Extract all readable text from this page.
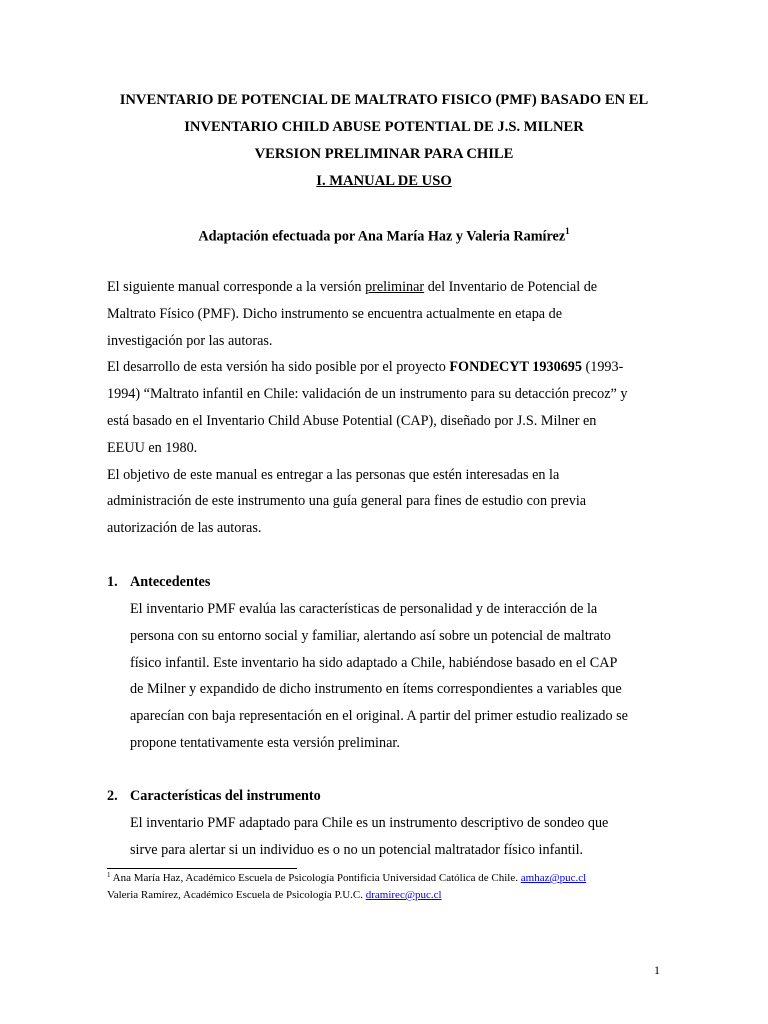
INVENTARIO DE POTENCIAL DE MALTRATO FISICO (PMF) BASADO EN EL
INVENTARIO CHILD ABUSE POTENTIAL DE J.S. MILNER
VERSION PRELIMINAR PARA CHILE
I. MANUAL DE USO
Adaptación efectuada por Ana María Haz y Valeria Ramírez$^1$
El siguiente manual corresponde a la versión preliminar del Inventario de Potencial de
Maltrato Físico (PMF). Dicho instrumento se encuentra actualmente en etapa de
investigación por las autoras.
El desarrollo de esta versión ha sido posible por el proyecto FONDECYT 1930695 (1993-
1994) “Maltrato infantil en Chile: validación de un instrumento para su detacción precoz” y
está basado en el Inventario Child Abuse Potential (CAP), diseñado por J.S. Milner en
EEUU en 1980.
El objetivo de este manual es entregar a las personas que estén interesadas en la
administración de este instrumento una guía general para fines de estudio con previa
autorización de las autoras.
1. Antecedentes
El inventario PMF evalúa las características de personalidad y de interacción de la
persona con su entorno social y familiar, alertando así sobre un potencial de maltrato
físico infantil. Este inventario ha sido adaptado a Chile, habiéndose basado en el CAP
de Milner y expandido de dicho instrumento en ítems correspondientes a variables que
aparecían con baja representación en el original. A partir del primer estudio realizado se
propone tentativamente esta versión preliminar.
2. Características del instrumento
El inventario PMF adaptado para Chile es un instrumento descriptivo de sondeo que
sirve para alertar si un individuo es o no un potencial maltratador físico infantil.
$^1$ Ana María Haz, Académico Escuela de Psicología Pontificia Universidad Católica de Chile. amhaz@puc.cl
Valeria Ramírez, Académico Escuela de Psicología P.U.C. dramirec@puc.cl
1
